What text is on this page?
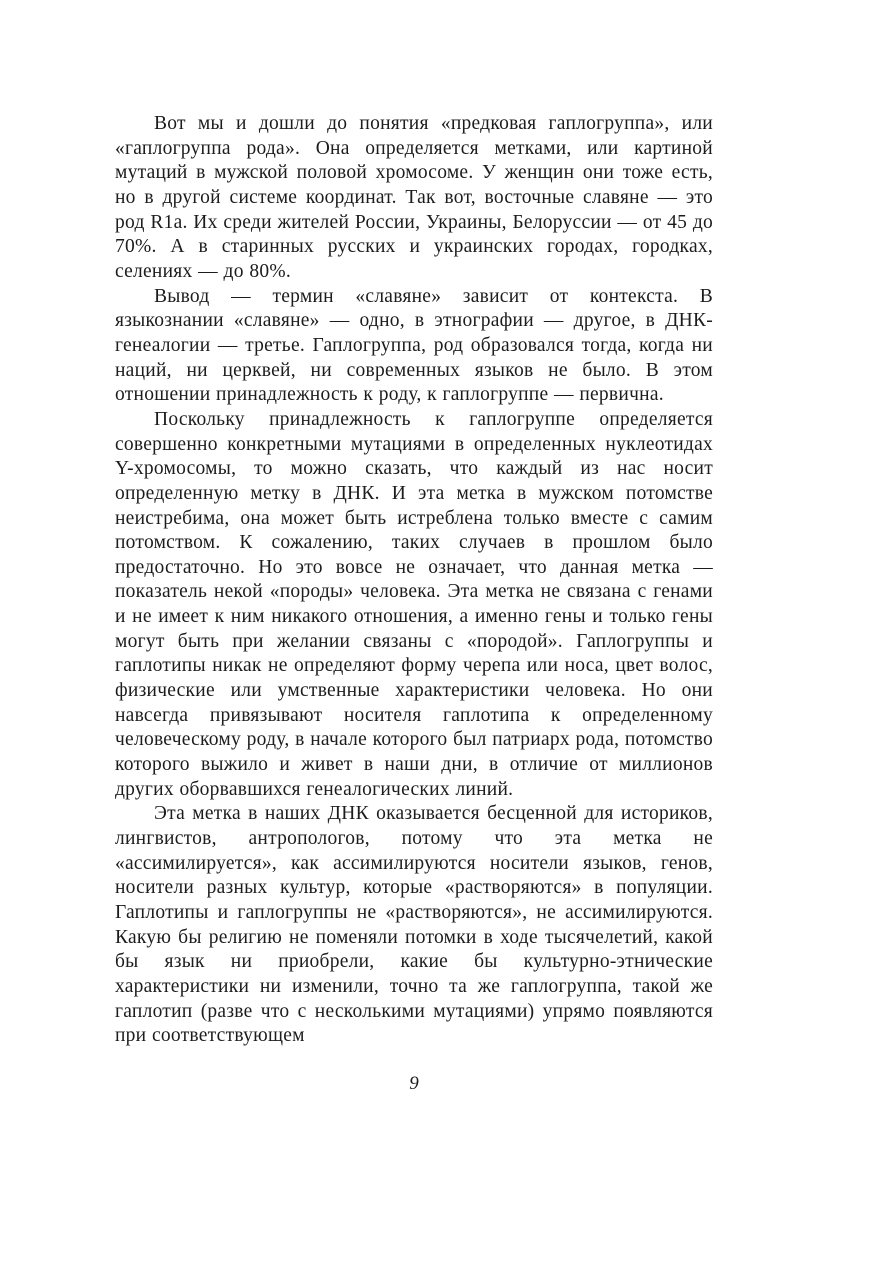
Вот мы и дошли до понятия «предковая гаплогруппа», или «гаплогруппа рода». Она определяется метками, или картиной мутаций в мужской половой хромосоме. У женщин они тоже есть, но в другой системе координат. Так вот, восточные славяне — это род R1a. Их среди жителей России, Украины, Белоруссии — от 45 до 70%. А в старинных русских и украинских городах, городках, селениях — до 80%.

Вывод — термин «славяне» зависит от контекста. В языкознании «славяне» — одно, в этнографии — другое, в ДНК-генеалогии — третье. Гаплогруппа, род образовался тогда, когда ни наций, ни церквей, ни современных языков не было. В этом отношении принадлежность к роду, к гаплогруппе — первична.

Поскольку принадлежность к гаплогруппе определяется совершенно конкретными мутациями в определенных нуклеотидах Y-хромосомы, то можно сказать, что каждый из нас носит определенную метку в ДНК. И эта метка в мужском потомстве неистребима, она может быть истреблена только вместе с самим потомством. К сожалению, таких случаев в прошлом было предостаточно. Но это вовсе не означает, что данная метка — показатель некой «породы» человека. Эта метка не связана с генами и не имеет к ним никакого отношения, а именно гены и только гены могут быть при желании связаны с «породой». Гаплогруппы и гаплотипы никак не определяют форму черепа или носа, цвет волос, физические или умственные характеристики человека. Но они навсегда привязывают носителя гаплотипа к определенному человеческому роду, в начале которого был патриарх рода, потомство которого выжило и живет в наши дни, в отличие от миллионов других оборвавшихся генеалогических линий.

Эта метка в наших ДНК оказывается бесценной для историков, лингвистов, антропологов, потому что эта метка не «ассимилируется», как ассимилируются носители языков, генов, носители разных культур, которые «растворяются» в популяции. Гаплотипы и гаплогруппы не «растворяются», не ассимилируются. Какую бы религию не поменяли потомки в ходе тысячелетий, какой бы язык ни приобрели, какие бы культурно-этнические характеристики ни изменили, точно та же гаплогруппа, такой же гаплотип (разве что с несколькими мутациями) упрямо появляются при соответствующем

9
